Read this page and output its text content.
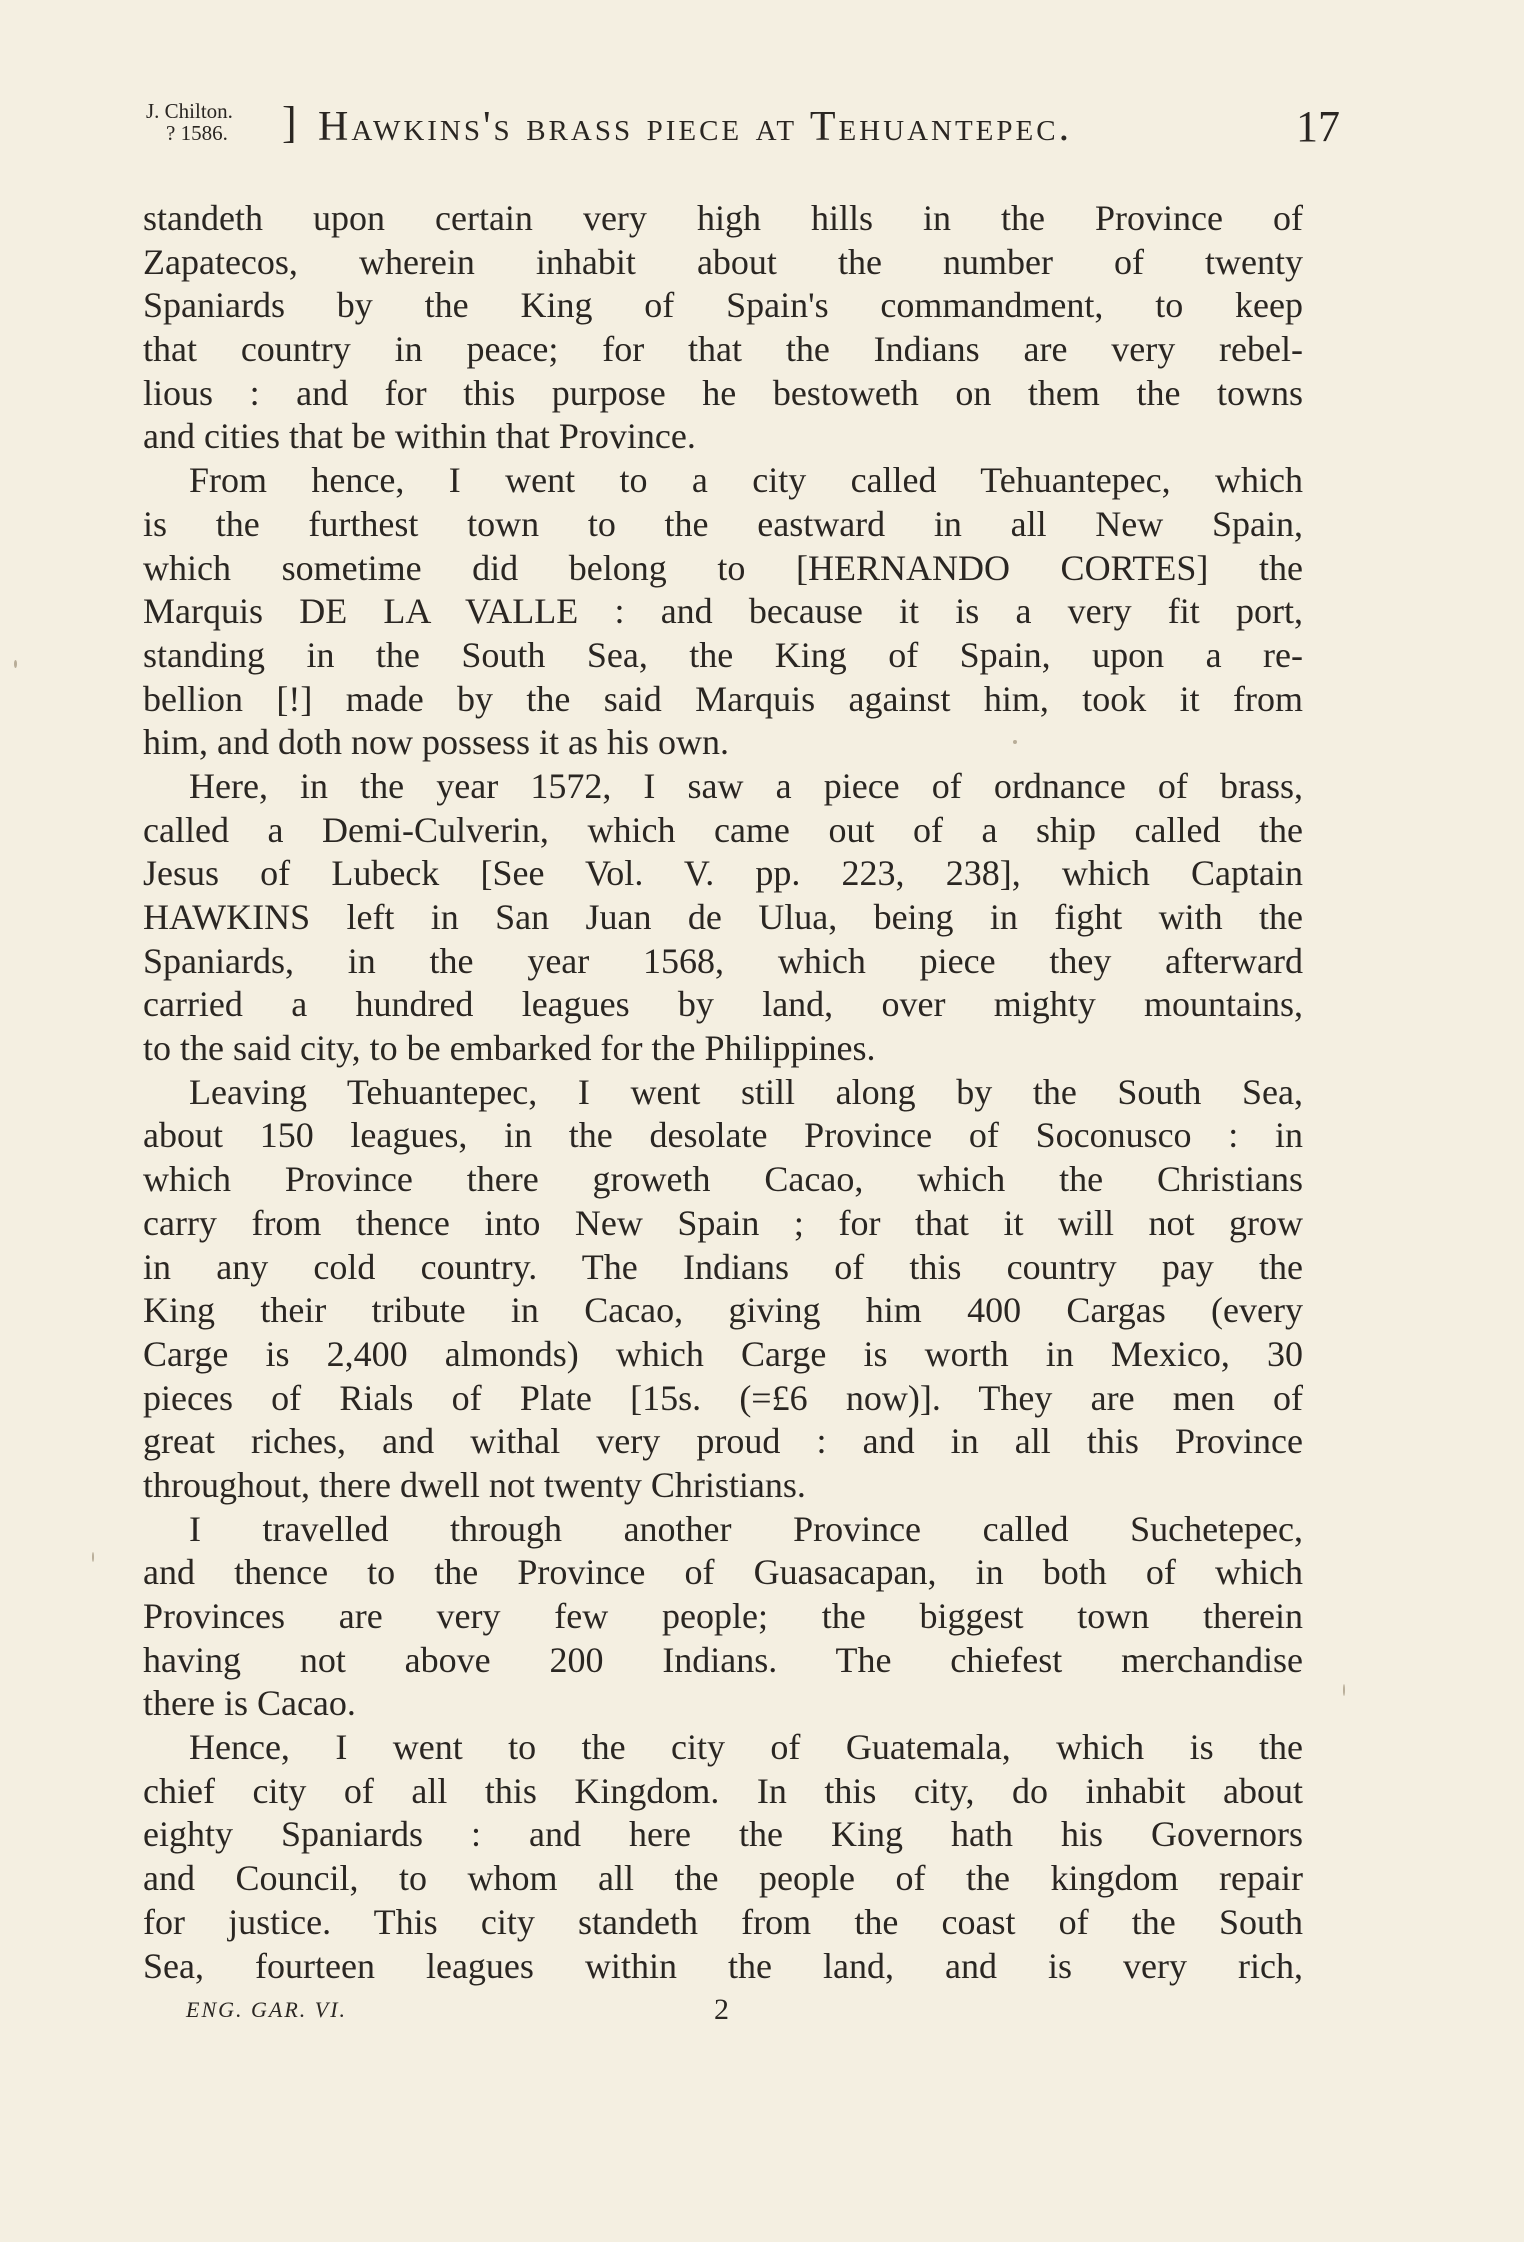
J. Chilton.
? 1586. ] Hawkins's brass piece at Tehuantepec.	17
standeth upon certain very high hills in the Province of
Zapatecos, wherein inhabit about the number of twenty
Spaniards by the King of Spain's commandment, to keep
that country in peace; for that the Indians are very rebel-
lious : and for this purpose he bestoweth on them the towns
and cities that be within that Province.
From hence, I went to a city called Tehuantepec, which
is the furthest town to the eastward in all New Spain,
which sometime did belong to [HERNANDO CORTES] the
Marquis DE LA VALLE : and because it is a very fit port,
standing in the South Sea, the King of Spain, upon a re-
bellion [!] made by the said Marquis against him, took it from
him, and doth now possess it as his own.
Here, in the year 1572, I saw a piece of ordnance of brass,
called a Demi-Culverin, which came out of a ship called the
Jesus of Lubeck [See Vol. V. pp. 223, 238], which Captain
HAWKINS left in San Juan de Ulua, being in fight with the
Spaniards, in the year 1568, which piece they afterward
carried a hundred leagues by land, over mighty mountains,
to the said city, to be embarked for the Philippines.
Leaving Tehuantepec, I went still along by the South Sea,
about 150 leagues, in the desolate Province of Soconusco : in
which Province there groweth Cacao, which the Christians
carry from thence into New Spain ; for that it will not grow
in any cold country. The Indians of this country pay the
King their tribute in Cacao, giving him 400 Cargas (every
Carge is 2,400 almonds) which Carge is worth in Mexico, 30
pieces of Rials of Plate [15s. (=£6 now)]. They are men of
great riches, and withal very proud : and in all this Province
throughout, there dwell not twenty Christians.
I travelled through another Province called Suchetepec,
and thence to the Province of Guasacapan, in both of which
Provinces are very few people; the biggest town therein
having not above 200 Indians. The chiefest merchandise
there is Cacao.
Hence, I went to the city of Guatemala, which is the
chief city of all this Kingdom. In this city, do inhabit about
eighty Spaniards : and here the King hath his Governors
and Council, to whom all the people of the kingdom repair
for justice. This city standeth from the coast of the South
Sea, fourteen leagues within the land, and is very rich,
ENG. GAR. VI.	2
